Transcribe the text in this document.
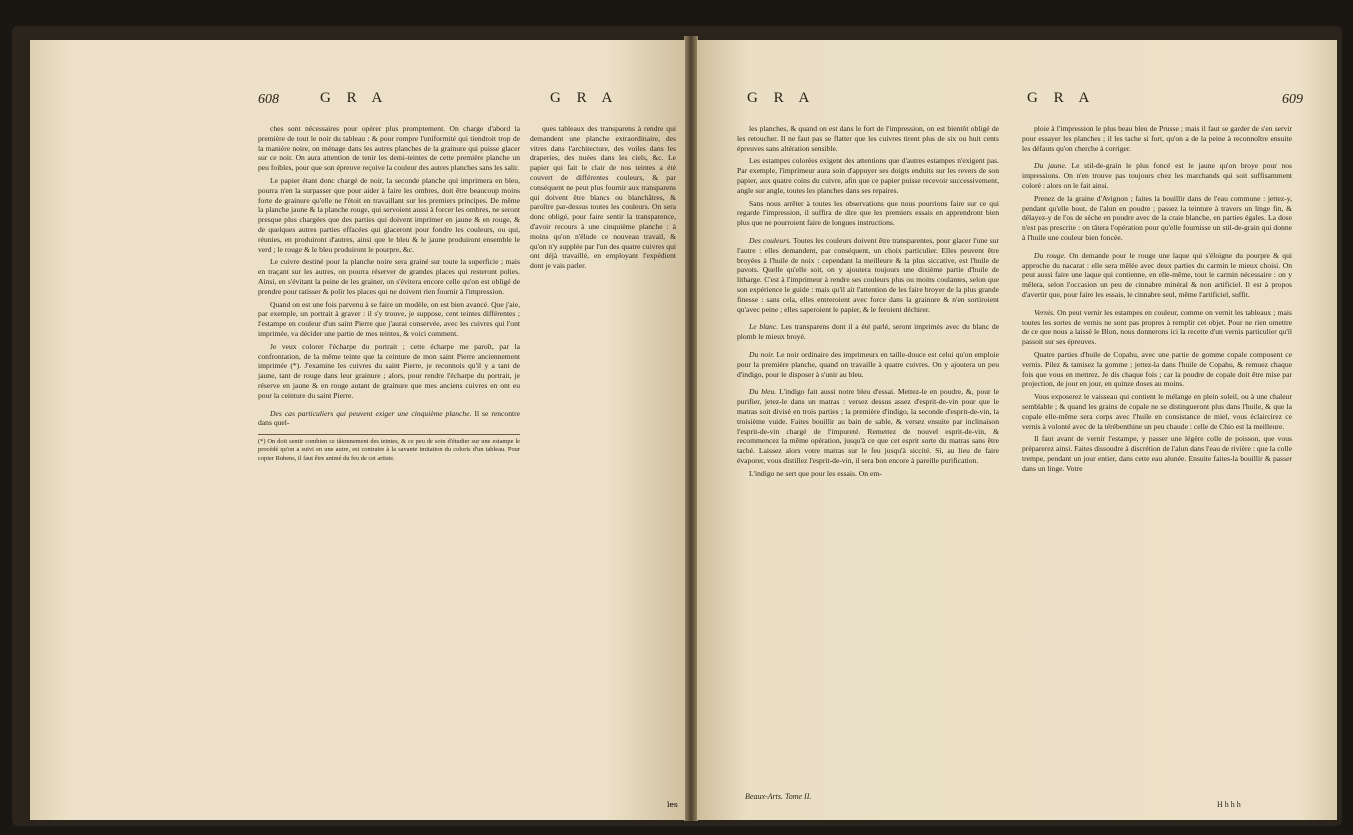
608	G R A	G R A

ches sont nécessaires pour opérer plus promptement. On charge d'abord la première de tout le noir du tableau : & pour rompre l'uniformité qui tiendroit trop de la manière noire, on ménage dans les autres planches de la grainure qui puisse glacer sur ce noir. On aura attention de tenir les demi-teintes de cette première planche un peu foibles, pour que son épreuve reçoive la couleur des autres planches sans les salir.

Le papier étant donc chargé de noir, la seconde planche qui imprimera en bleu, pourra n'en la surpasser que pour aider à faire les ombres, doit être beaucoup moins forte de grainure qu'elle ne l'étoit en travaillant sur les premiers principes. De même la planche jaune & la planche rouge, qui servoient aussi à forcer les ombres, ne seront presque plus chargées que des parties qui doivent imprimer en jaune & en rouge, & de quelques autres parties effacées qui glaceront pour fondre les couleurs, ou qui, réunies, en produiront d'autres, ainsi que le bleu & le jaune produiront ensemble le verd ; le rouge & le bleu produiront le pourpre, &c.

Le cuivre destiné pour la planche noire sera grainé sur toute la superficie ; mais en traçant sur les autres, on pourra réserver de grandes places qui resteront polies. Ainsi, en s'évitant la peine de les grainer, on s'évitera encore celle qu'on est obligé de prendre pour ratisser & polir les places qui ne doivent rien fournir à l'impression.

Quand on est une fois parvenu à se faire un modèle, on est bien avancé. Que j'aie, par exemple, un portrait à graver : il s'y trouve, je suppose, cent teintes différentes ; l'estampe en couleur d'un saint Pierre que j'aurai conservée, avec les cuivres qui l'ont imprimée, va décider une partie de mes teintes, & voici comment.

Je veux colorer l'écharpe du portrait ; cette écharpe me paroît, par la confrontation, de la même teinte que la ceinture de mon saint Pierre anciennement imprimée (*). J'examine les cuivres du saint Pierre, je reconnois qu'il y a tant de jaune, tant de rouge dans leur grainure ; alors, pour rendre l'écharpe du portrait, je réserve en jaune & en rouge autant de grainure que mes anciens cuivres en ont eu pour la ceinture du saint Pierre.

Des cas particuliers qui peuvent exiger une cinquième planche. Il se rencontre dans quel-

(*) On doit sentir combien ce tâtonnement des teintes, & ce peu de soin d'étudier sur une estampe le procédé qu'on a suivi en une autre, est contraire à la savante imitation du coloris d'un tableau. Pour copier Rubens, il faut être animé du feu de cet artiste.

ques tableaux des transparens à rendre qui demandent une planche extraordinaire, des vitres dans l'architecture, des voiles dans les draperies, des nuées dans les ciels, &c. Le papier qui fait le clair de nos teintes a été couvert de différentes couleurs, & par conséquent ne peut plus fournir aux transparens qui doivent être blancs ou blanchâtres, & paroître par-dessus toutes les couleurs. On sera donc obligé, pour faire sentir la transparence, d'avoir recours à une cinquième planche : à moins qu'on n'élude ce nouveau travail, & qu'on n'y supplée par l'un des quatre cuivres qui ont déjà travaillé, en employant l'expédient dont je vais parler.

G R A	G R A	609

les planches, & quand on est dans le fort de l'impression, on est bientôt obligé de les retoucher. Il ne faut pas se flatter que les cuivres tirent plus de six ou huit cents épreuves sans altération sensible.

Les estampes colorées exigent des attentions que d'autres estampes n'exigent pas. Par exemple, l'imprimeur aura soin d'appuyer ses doigts enduits sur les revers de son papier, aux quatre coins du cuivre, afin que ce papier puisse recevoir successivement, angle sur angle, toutes les planches dans ses repaires.

Sans nous arrêter à toutes les observations que nous pourrions faire sur ce qui regarde l'impression, il suffira de dire que les premiers essais en apprendront bien plus que ne pourroient faire de longues instructions.

Des couleurs. Toutes les couleurs doivent être transparentes, pour glacer l'une sur l'autre : elles demandent, par conséquent, un choix particulier. Elles peuvent être broyées à l'huile de noix : cependant la meilleure & la plus siccative, est l'huile de pavots. Quelle qu'elle soit, on y ajoutera toujours une dixième partie d'huile de litharge. C'est à l'imprimeur à rendre ses couleurs plus ou moins coulantes, selon que son expérience le guide : mais qu'il ait l'attention de les faire broyer de la plus grande finesse : sans cela, elles entreroient avec force dans la grainure & n'en sortiroient qu'avec peine ; elles saperoient le papier, & le feroient déchirer.

Le blanc. Les transparens dont il a été parlé, seront imprimés avec du blanc de plomb le mieux broyé.

Du noir. Le noir ordinaire des imprimeurs en taille-douce est celui qu'on emploie pour la première planche, quand on travaille à quatre cuivres. On y ajoutera un peu d'indigo, pour le disposer à s'unir au bleu.

Du bleu. L'indigo fait aussi notre bleu d'essai. Mettez-le en poudre, &, pour le purifier, jetez-le dans un matras : versez dessus assez d'esprit-de-vin pour que le matras soit divisé en trois parties ; la première d'indigo, la seconde d'esprit-de-vin, la troisième vuide. Faites bouillir au bain de sable, & versez ensuite par inclinaison l'esprit-de-vin chargé de l'impureté. Remettez de nouvel esprit-de-vin, & recommencez la même opération, jusqu'à ce que cet esprit sorte du matras sans être taché. Laissez alors votre matras sur le feu jusqu'à siccité. Si, au lieu de faire évaporer, vous distillez l'esprit-de-vin, il sera bon encore à pareille purification.

L'indigo ne sert que pour les essais. On em-

ploie à l'impression le plus beau bleu de Prusse ; mais il faut se garder de s'en servir pour essayer les planches ; il les tache si fort, qu'on a de la peine à reconnoître ensuite les défauts qu'on cherche à corriger.

Du jaune. Le stil-de-grain le plus foncé est le jaune qu'on broye pour nos impressions. On n'en trouve pas toujours chez les marchands qui soit suffisamment coloré : alors on le fait ainsi.

Prenez de la graine d'Avignon ; faites la bouillir dans de l'eau commune : jettez-y, pendant qu'elle bout, de l'alun en poudre ; passez la teinture à travers un linge fin, & délayez-y de l'os de sèche en poudre avec de la craie blanche, en parties égales. La dose n'est pas prescrite : on tâtera l'opération pour qu'elle fournisse un stil-de-grain qui donne à l'huile une couleur bien foncée.

Du rouge. On demande pour le rouge une laque qui s'éloigne du pourpre & qui approche du nacarat : elle sera mêlée avec deux parties du carmin le mieux choisi. On peut aussi faire une laque qui contienne, en elle-même, tout le carmin nécessaire : on y mêlera, selon l'occasion un peu de cinnabre minéral & non artificiel. Il est à propos d'avertir que, pour faire les essais, le cinnabre seul, même l'artificiel, suffit.

Vernis. On peut vernir les estampes en couleur, comme on vernit les tableaux ; mais toutes les sortes de vernis ne sont pas propres à remplir cet objet. Pour ne rien omettre de ce que nous a laissé le Blon, nous donnerons ici la recette d'un vernis particulier qu'il passoit sur ses épreuves.

Quatre parties d'huile de Copahu, avec une partie de gomme copale composent ce vernis. Pilez & tamisez la gomme ; jettez-la dans l'huile de Copahu, & remuez chaque fois que vous en mettrez. Je dis chaque fois ; car la poudre de copale doit être mise par projection, de jour en jour, en quinze doses au moins.

Vous exposerez le vaisseau qui contient le mélange en plein soleil, ou à une chaleur semblable ; & quand les grains de copale ne se distingueront plus dans l'huile, & que la copale elle-même sera corps avec l'huile en consistance de miel, vous éclaircirez ce vernis à volonté avec de la térébenthine un peu chaude : celle de Chio est la meilleure.

Il faut avant de vernir l'estampe, y passer une légère colle de poisson, que vous préparerez ainsi. Faites dissoudre à discrétion de l'alun dans l'eau de rivière : que la colle trempe, pendant un jour entier, dans cette eau alunée. Ensuite faites-la bouillir & passer dans un linge. Votre

Beaux-Arts. Tome II.
H h h h
les
